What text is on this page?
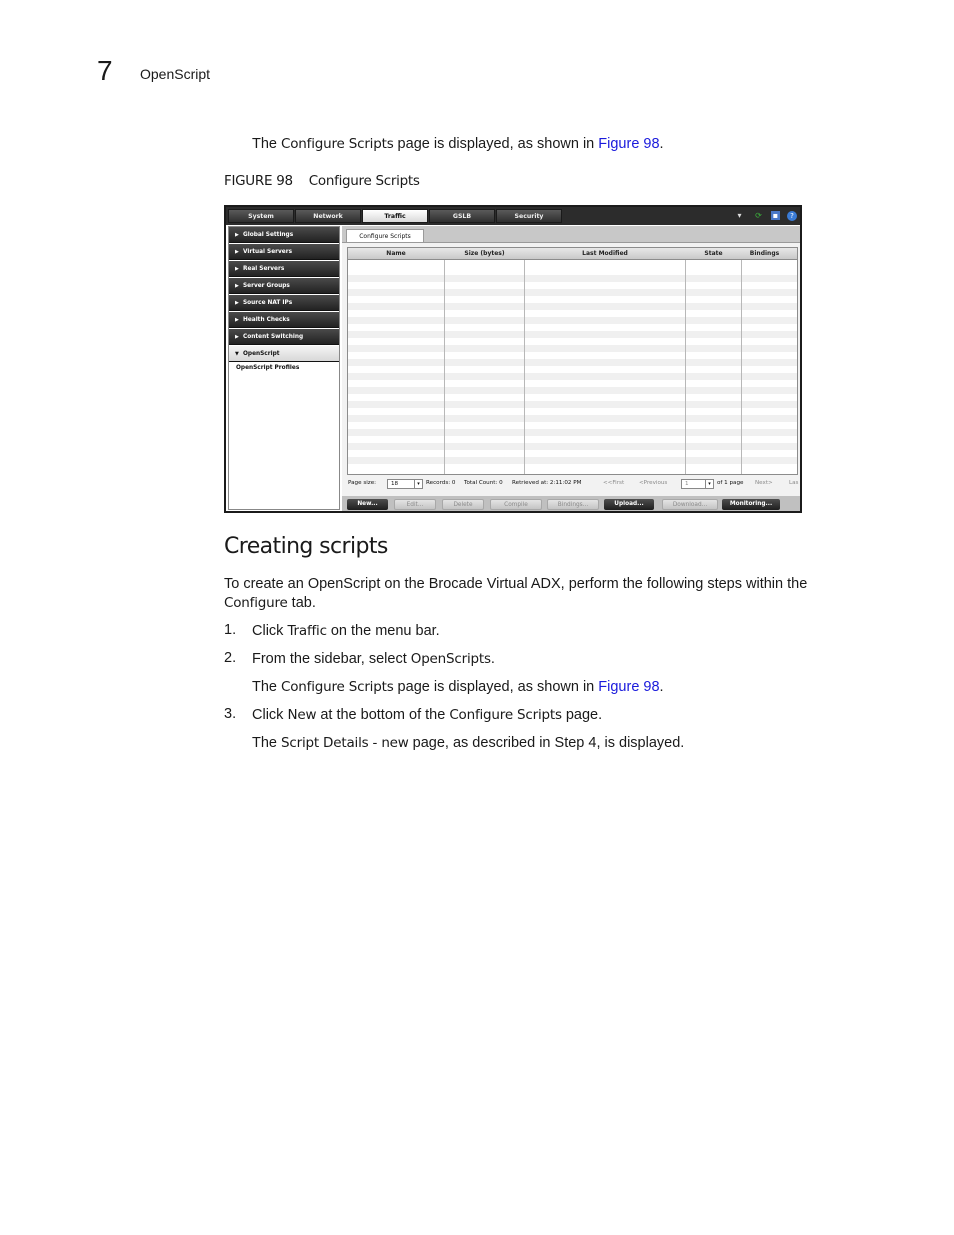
7 OpenScript
The Configure Scripts page is displayed, as shown in Figure 98.
FIGURE 98 Configure Scripts
System	Network	Traffic	GSLB	Security	▾	⟳ ▪	?
▶ Global Settings
▶ Virtual Servers
▶ Real Servers
▶ Server Groups
▶ Source NAT IPs
▶ Health Checks
▶ Content Switching
▼ OpenScript
OpenScript Profiles
Configure Scripts
Name	Size (bytes)	Last Modified	State	Bindings
Page size:	18	▾	Records: 0 Total Count: 0 Retrieved at: 2:11:02 PM	<<First	<Previous	1	▾	of 1 page Next>	Las
New...	Edit...	Delete	Compile	Bindings...	Upload...	Download...	Monitoring...
Creating scripts
To create an OpenScript on the Brocade Virtual ADX, perform the following steps within the
Configure tab.
1. Click Traffic on the menu bar.
2. From the sidebar, select OpenScripts.
The Configure Scripts page is displayed, as shown in Figure 98.
3. Click New at the bottom of the Configure Scripts page.
The Script Details - new page, as described in Step 4, is displayed.
